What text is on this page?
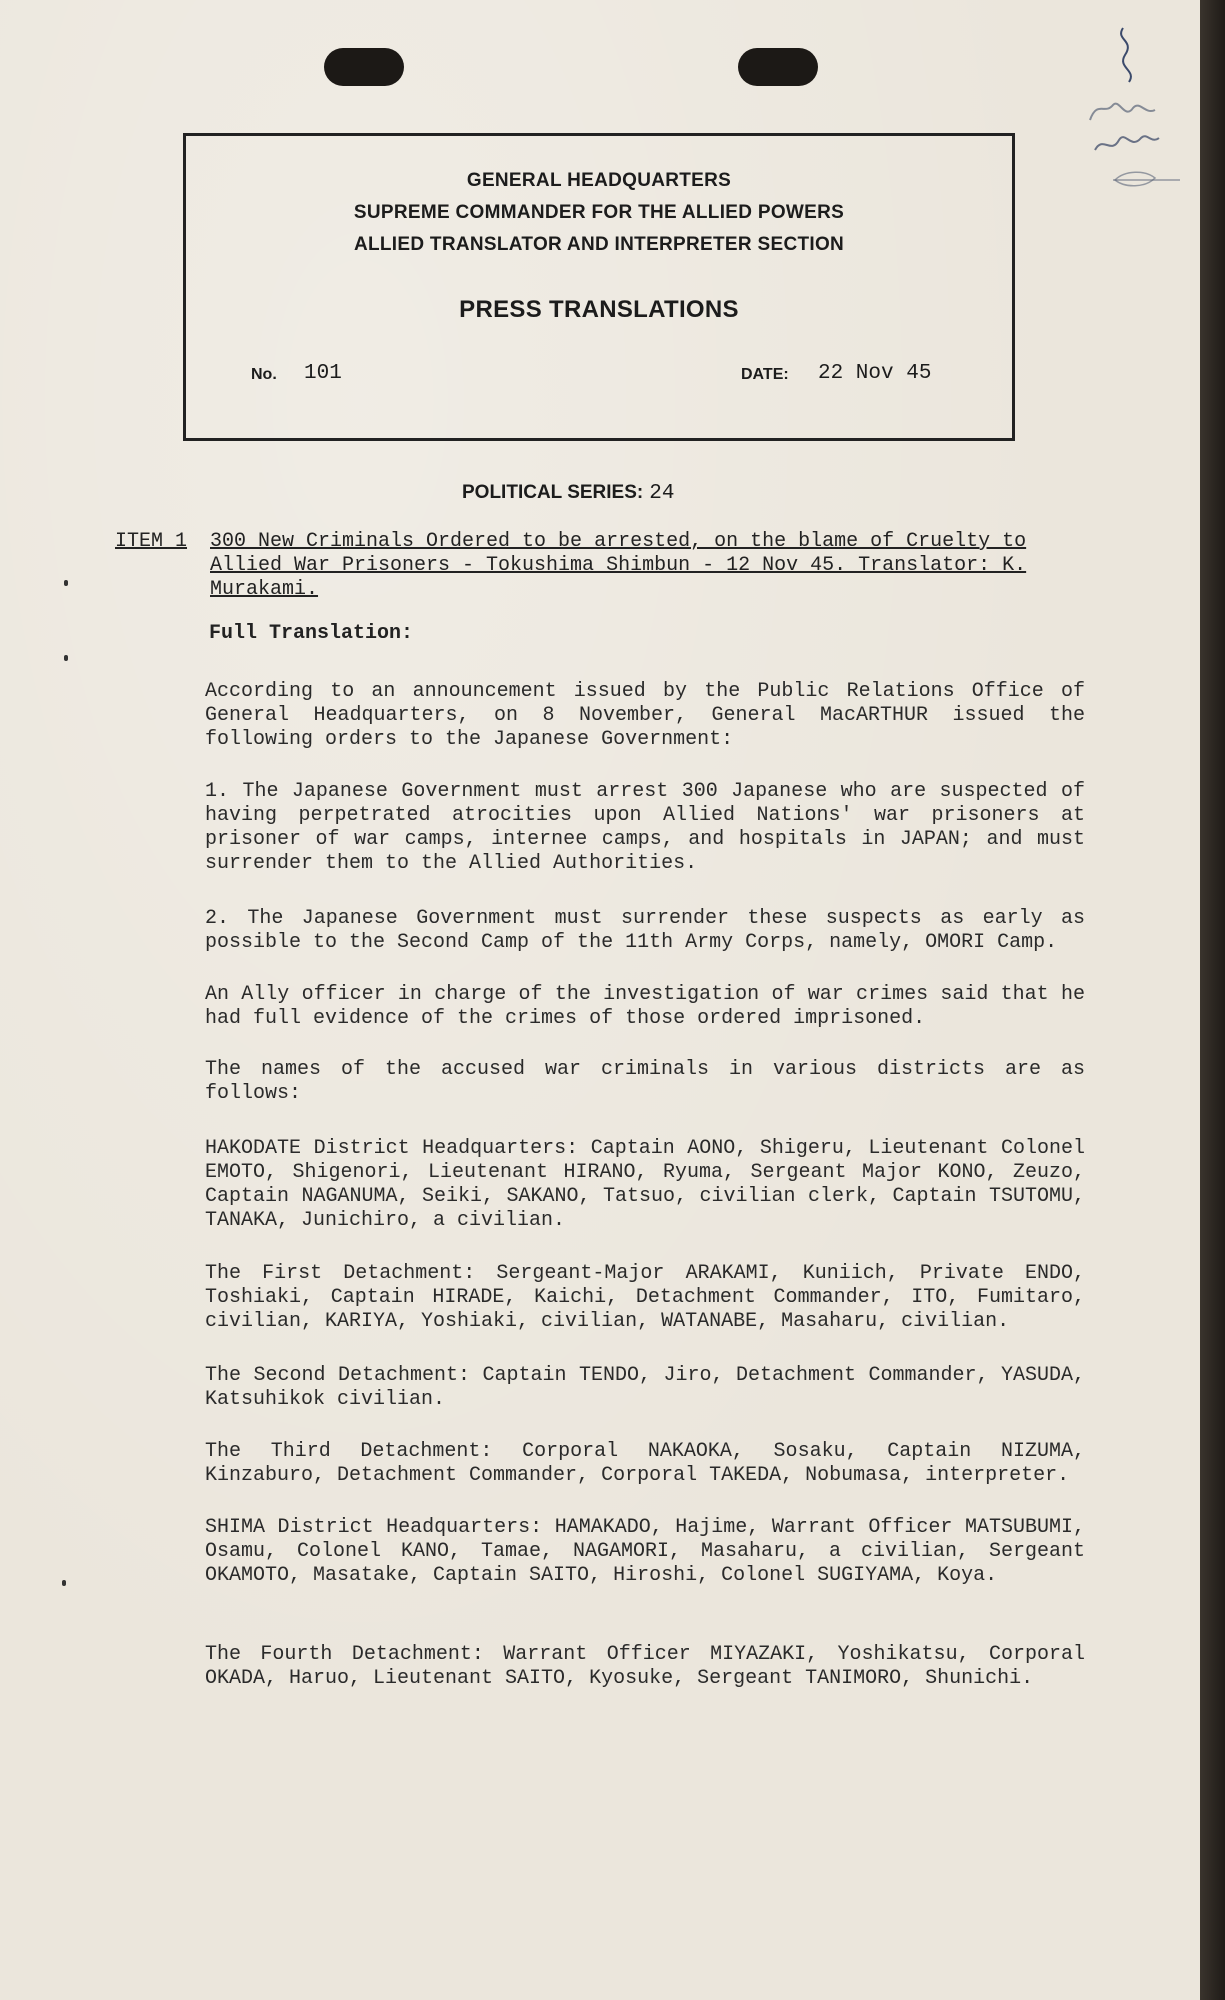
GENERAL HEADQUARTERS
SUPREME COMMANDER FOR THE ALLIED POWERS
ALLIED TRANSLATOR AND INTERPRETER SECTION
PRESS TRANSLATIONS
No. 101	DATE: 22 Nov 45
POLITICAL SERIES: 24
ITEM 1 300 New Criminals Ordered to be arrested, on the blame of Cruelty to Allied War Prisoners - Tokushima Shimbun - 12 Nov 45. Translator: K. Murakami.
Full Translation:
According to an announcement issued by the Public Relations Office of General Headquarters, on 8 November, General MacARTHUR issued the following orders to the Japanese Government:
1. The Japanese Government must arrest 300 Japanese who are suspected of having perpetrated atrocities upon Allied Nations' war prisoners at prisoner of war camps, internee camps, and hospitals in JAPAN; and must surrender them to the Allied Authorities.
2. The Japanese Government must surrender these suspects as early as possible to the Second Camp of the 11th Army Corps, namely, OMORI Camp.
An Ally officer in charge of the investigation of war crimes said that he had full evidence of the crimes of those ordered imprisoned.
The names of the accused war criminals in various districts are as follows:
HAKODATE District Headquarters: Captain AONO, Shigeru, Lieutenant Colonel EMOTO, Shigenori, Lieutenant HIRANO, Ryuma, Sergeant Major KONO, Zeuzo, Captain NAGANUMA, Seiki, SAKANO, Tatsuo, civilian clerk, Captain TSUTOMU, TANAKA, Junichiro, a civilian.
The First Detachment: Sergeant-Major ARAKAMI, Kuniich, Private ENDO, Toshiaki, Captain HIRADE, Kaichi, Detachment Commander, ITO, Fumitaro, civilian, KARIYA, Yoshiaki, civilian, WATANABE, Masaharu, civilian.
The Second Detachment: Captain TENDO, Jiro, Detachment Commander, YASUDA, Katsuhikok civilian.
The Third Detachment: Corporal NAKAOKA, Sosaku, Captain NIZUMA, Kinzaburo, Detachment Commander, Corporal TAKEDA, Nobumasa, interpreter.
SHIMA District Headquarters: HAMAKADO, Hajime, Warrant Officer MATSUBUMI, Osamu, Colonel KANO, Tamae, NAGAMORI, Masaharu, a civilian, Sergeant OKAMOTO, Masatake, Captain SAITO, Hiroshi, Colonel SUGIYAMA, Koya.
The Fourth Detachment: Warrant Officer MIYAZAKI, Yoshikatsu, Corporal OKADA, Haruo, Lieutenant SAITO, Kyosuke, Sergeant TANIMORO, Shunichi.
